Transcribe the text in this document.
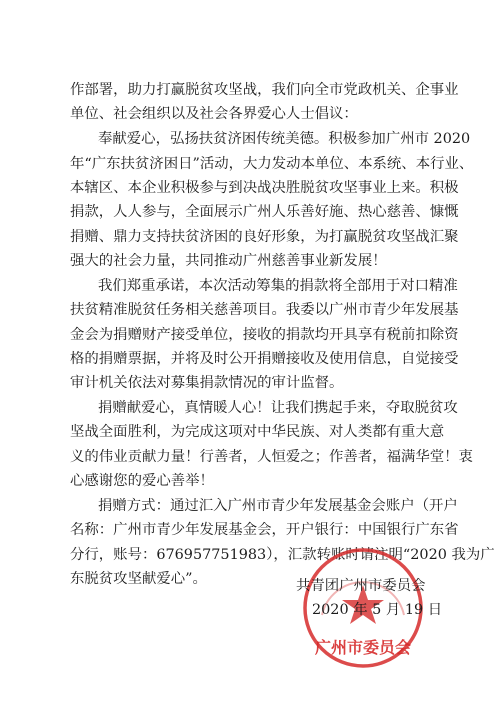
作部署，助力打赢脱贫攻坚战，我们向全市党政机关、企事业
单位、社会组织以及社会各界爱心人士倡议：
奉献爱心，弘扬扶贫济困传统美德。积极参加广州市 2020
年“广东扶贫济困日”活动，大力发动本单位、本系统、本行业、
本辖区、本企业积极参与到决战决胜脱贫攻坚事业上来。积极
捐款，人人参与，全面展示广州人乐善好施、热心慈善、慷慨
捐赠、鼎力支持扶贫济困的良好形象，为打赢脱贫攻坚战汇聚
强大的社会力量，共同推动广州慈善事业新发展！
我们郑重承诺，本次活动筹集的捐款将全部用于对口精准
扶贫精准脱贫任务相关慈善项目。我委以广州市青少年发展基
金会为捐赠财产接受单位，接收的捐款均开具享有税前扣除资
格的捐赠票据，并将及时公开捐赠接收及使用信息，自觉接受
审计机关依法对募集捐款情况的审计监督。
捐赠献爱心，真情暖人心！让我们携起手来，夺取脱贫攻
坚战全面胜利，为完成这项对中华民族、对人类都有重大意
义的伟业贡献力量！行善者，人恒爱之；作善者，福满华堂！衷
心感谢您的爱心善举！
捐赠方式：通过汇入广州市青少年发展基金会账户（开户
名称：广州市青少年发展基金会，开户银行：中国银行广东省
分行，账号：676957751983），汇款转账时请注明“2020 我为广
东脱贫攻坚献爱心”。
广州市委员会
共青团广州市委员会
2020 年 5 月 19 日
